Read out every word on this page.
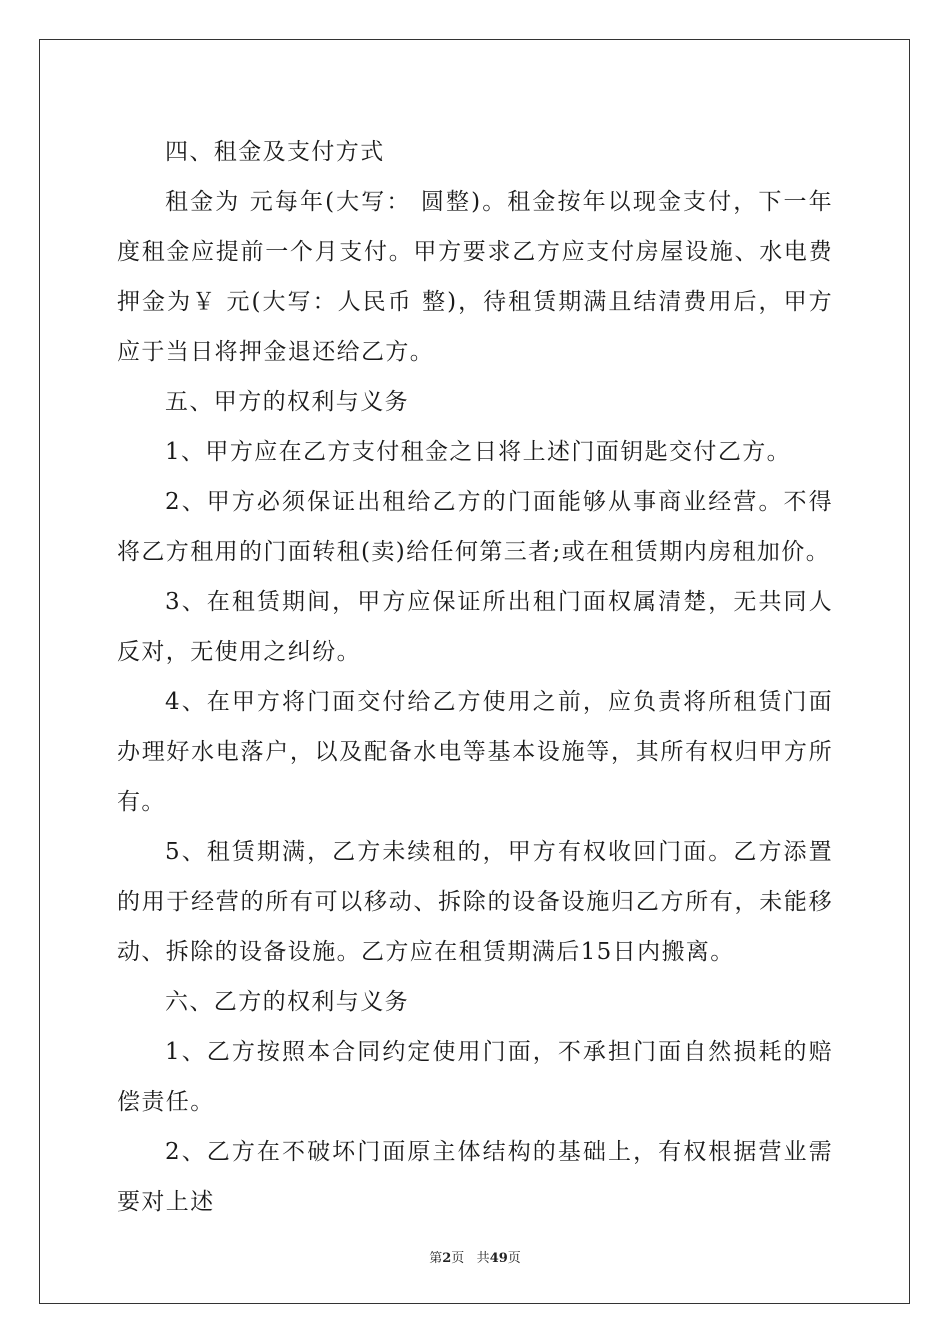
四、租金及支付方式

租金为 元每年(大写： 圆整)。租金按年以现金支付，下一年度租金应提前一个月支付。甲方要求乙方应支付房屋设施、水电费押金为￥ 元(大写：人民币 整)，待租赁期满且结清费用后，甲方应于当日将押金退还给乙方。

五、甲方的权利与义务

1、甲方应在乙方支付租金之日将上述门面钥匙交付乙方。

2、甲方必须保证出租给乙方的门面能够从事商业经营。不得将乙方租用的门面转租(卖)给任何第三者;或在租赁期内房租加价。

3、在租赁期间，甲方应保证所出租门面权属清楚，无共同人反对，无使用之纠纷。

4、在甲方将门面交付给乙方使用之前，应负责将所租赁门面办理好水电落户，以及配备水电等基本设施等，其所有权归甲方所有。

5、租赁期满，乙方未续租的，甲方有权收回门面。乙方添置的用于经营的所有可以移动、拆除的设备设施归乙方所有，未能移动、拆除的设备设施。乙方应在租赁期满后15日内搬离。

六、乙方的权利与义务

1、乙方按照本合同约定使用门面，不承担门面自然损耗的赔偿责任。

2、乙方在不破坏门面原主体结构的基础上，有权根据营业需要对上述

第2页 共49页
